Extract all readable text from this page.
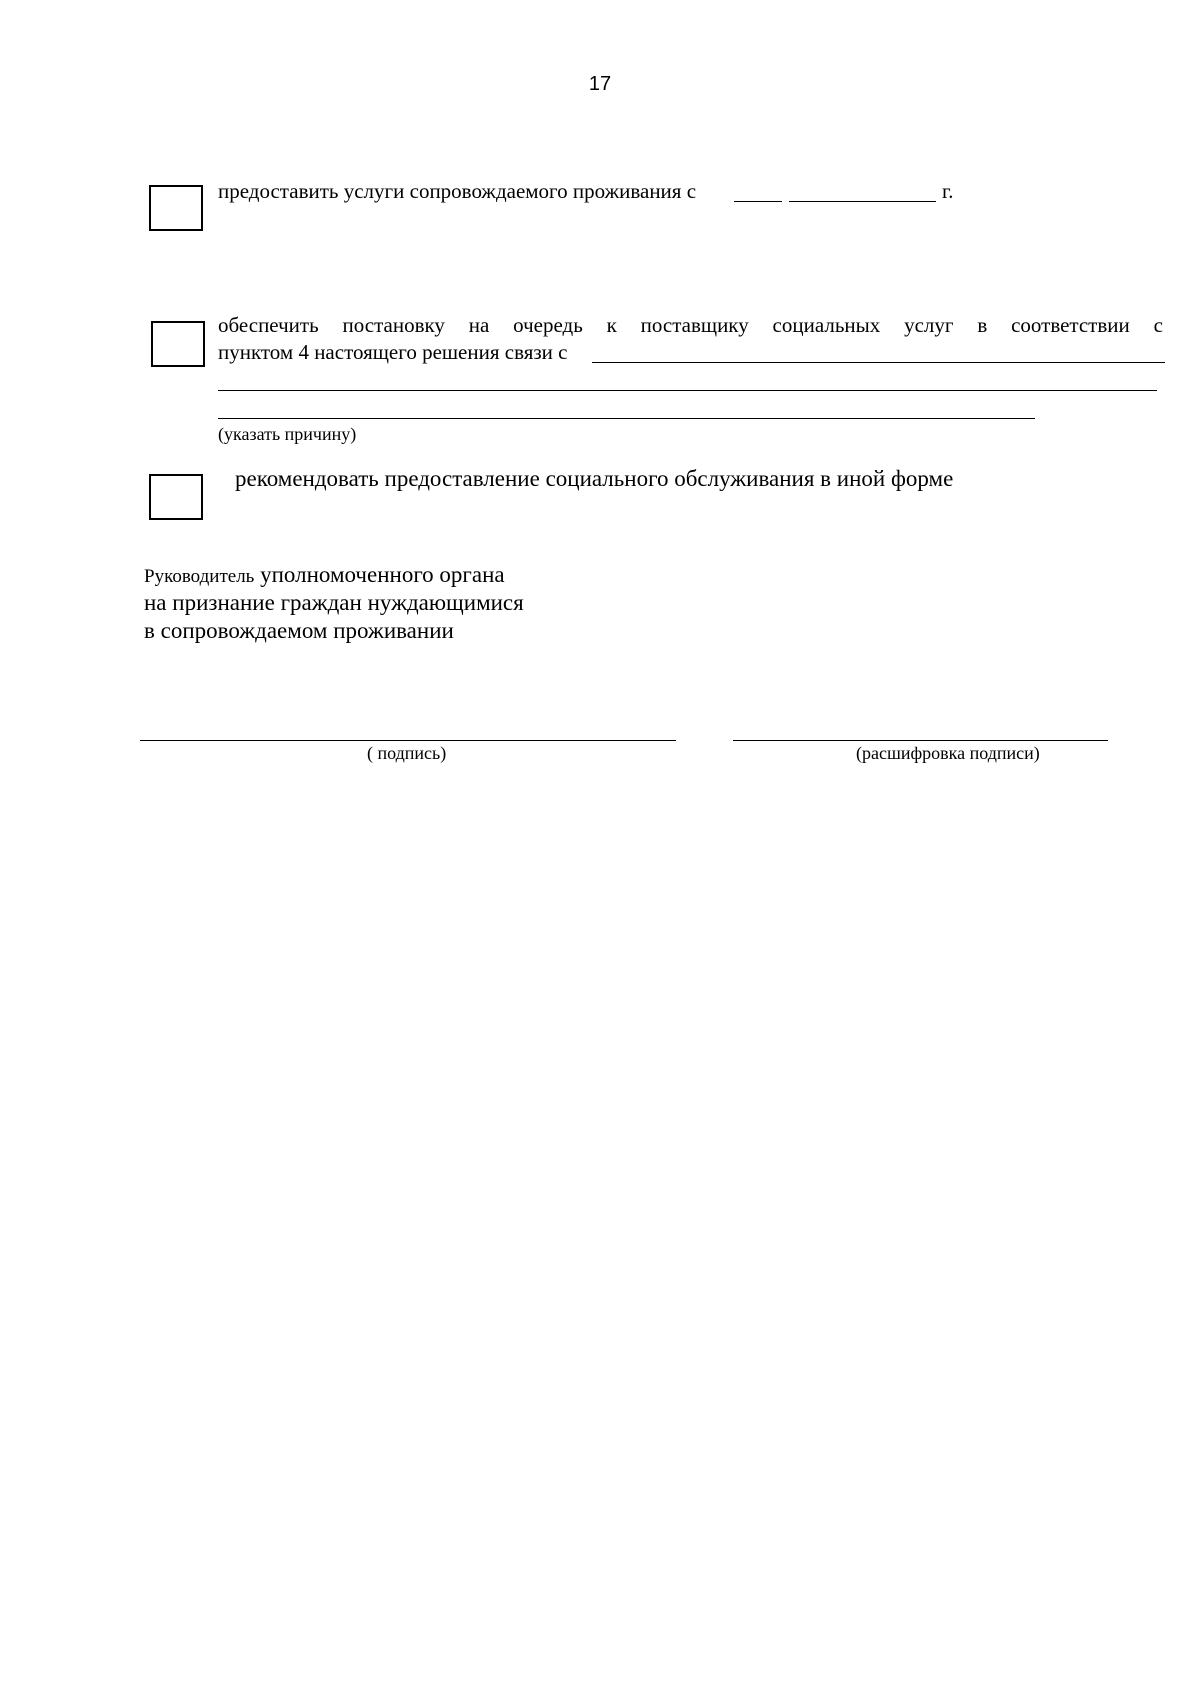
17
предоставить услуги сопровождаемого проживания с	г.
обеспечить постановку на очередь к поставщику социальных услуг в соответствии с
пунктом 4 настоящего решения связи с
(указать причину)
рекомендовать предоставление социального обслуживания в иной форме
Руководитель уполномоченного органа
на признание граждан нуждающимися
в сопровождаемом проживании
( подпись)	(расшифровка подписи)
